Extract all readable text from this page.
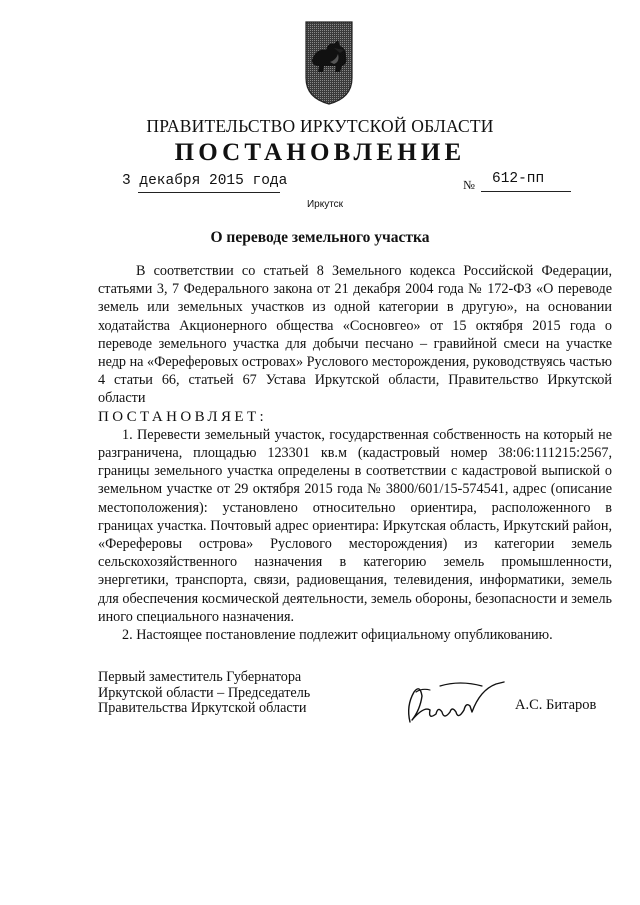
ПРАВИТЕЛЬСТВО ИРКУТСКОЙ ОБЛАСТИ
ПОСТАНОВЛЕНИЕ
3 декабря 2015 года	№ 612-пп
Иркутск
О переводе земельного участка

В соответствии со статьей 8 Земельного кодекса Российской Федерации, статьями 3, 7 Федерального закона от 21 декабря 2004 года № 172-ФЗ «О переводе земель или земельных участков из одной категории в другую», на основании ходатайства Акционерного общества «Сосновгео» от 15 октября 2015 года о переводе земельного участка для добычи песчано – гравийной смеси на участке недр на «Фереферовых островах» Руслового месторождения, руководствуясь частью 4 статьи 66, статьей 67 Устава Иркутской области, Правительство Иркутской области

ПОСТАНОВЛЯЕТ:

1. Перевести земельный участок, государственная собственность на который не разграничена, площадью 123301 кв.м (кадастровый номер 38:06:111215:2567, границы земельного участка определены в соответствии с кадастровой выпиской о земельном участке от 29 октября 2015 года № 3800/601/15-574541, адрес (описание местоположения): установлено относительно ориентира, расположенного в границах участка. Почтовый адрес ориентира: Иркутская область, Иркутский район, «Фереферовы острова» Руслового месторождения) из категории земель сельскохозяйственного назначения в категорию земель промышленности, энергетики, транспорта, связи, радиовещания, телевидения, информатики, земель для обеспечения космической деятельности, земель обороны, безопасности и земель иного специального назначения.

2. Настоящее постановление подлежит официальному опубликованию.

Первый заместитель Губернатора
Иркутской области – Председатель
Правительства Иркутской области	А.С. Битаров
